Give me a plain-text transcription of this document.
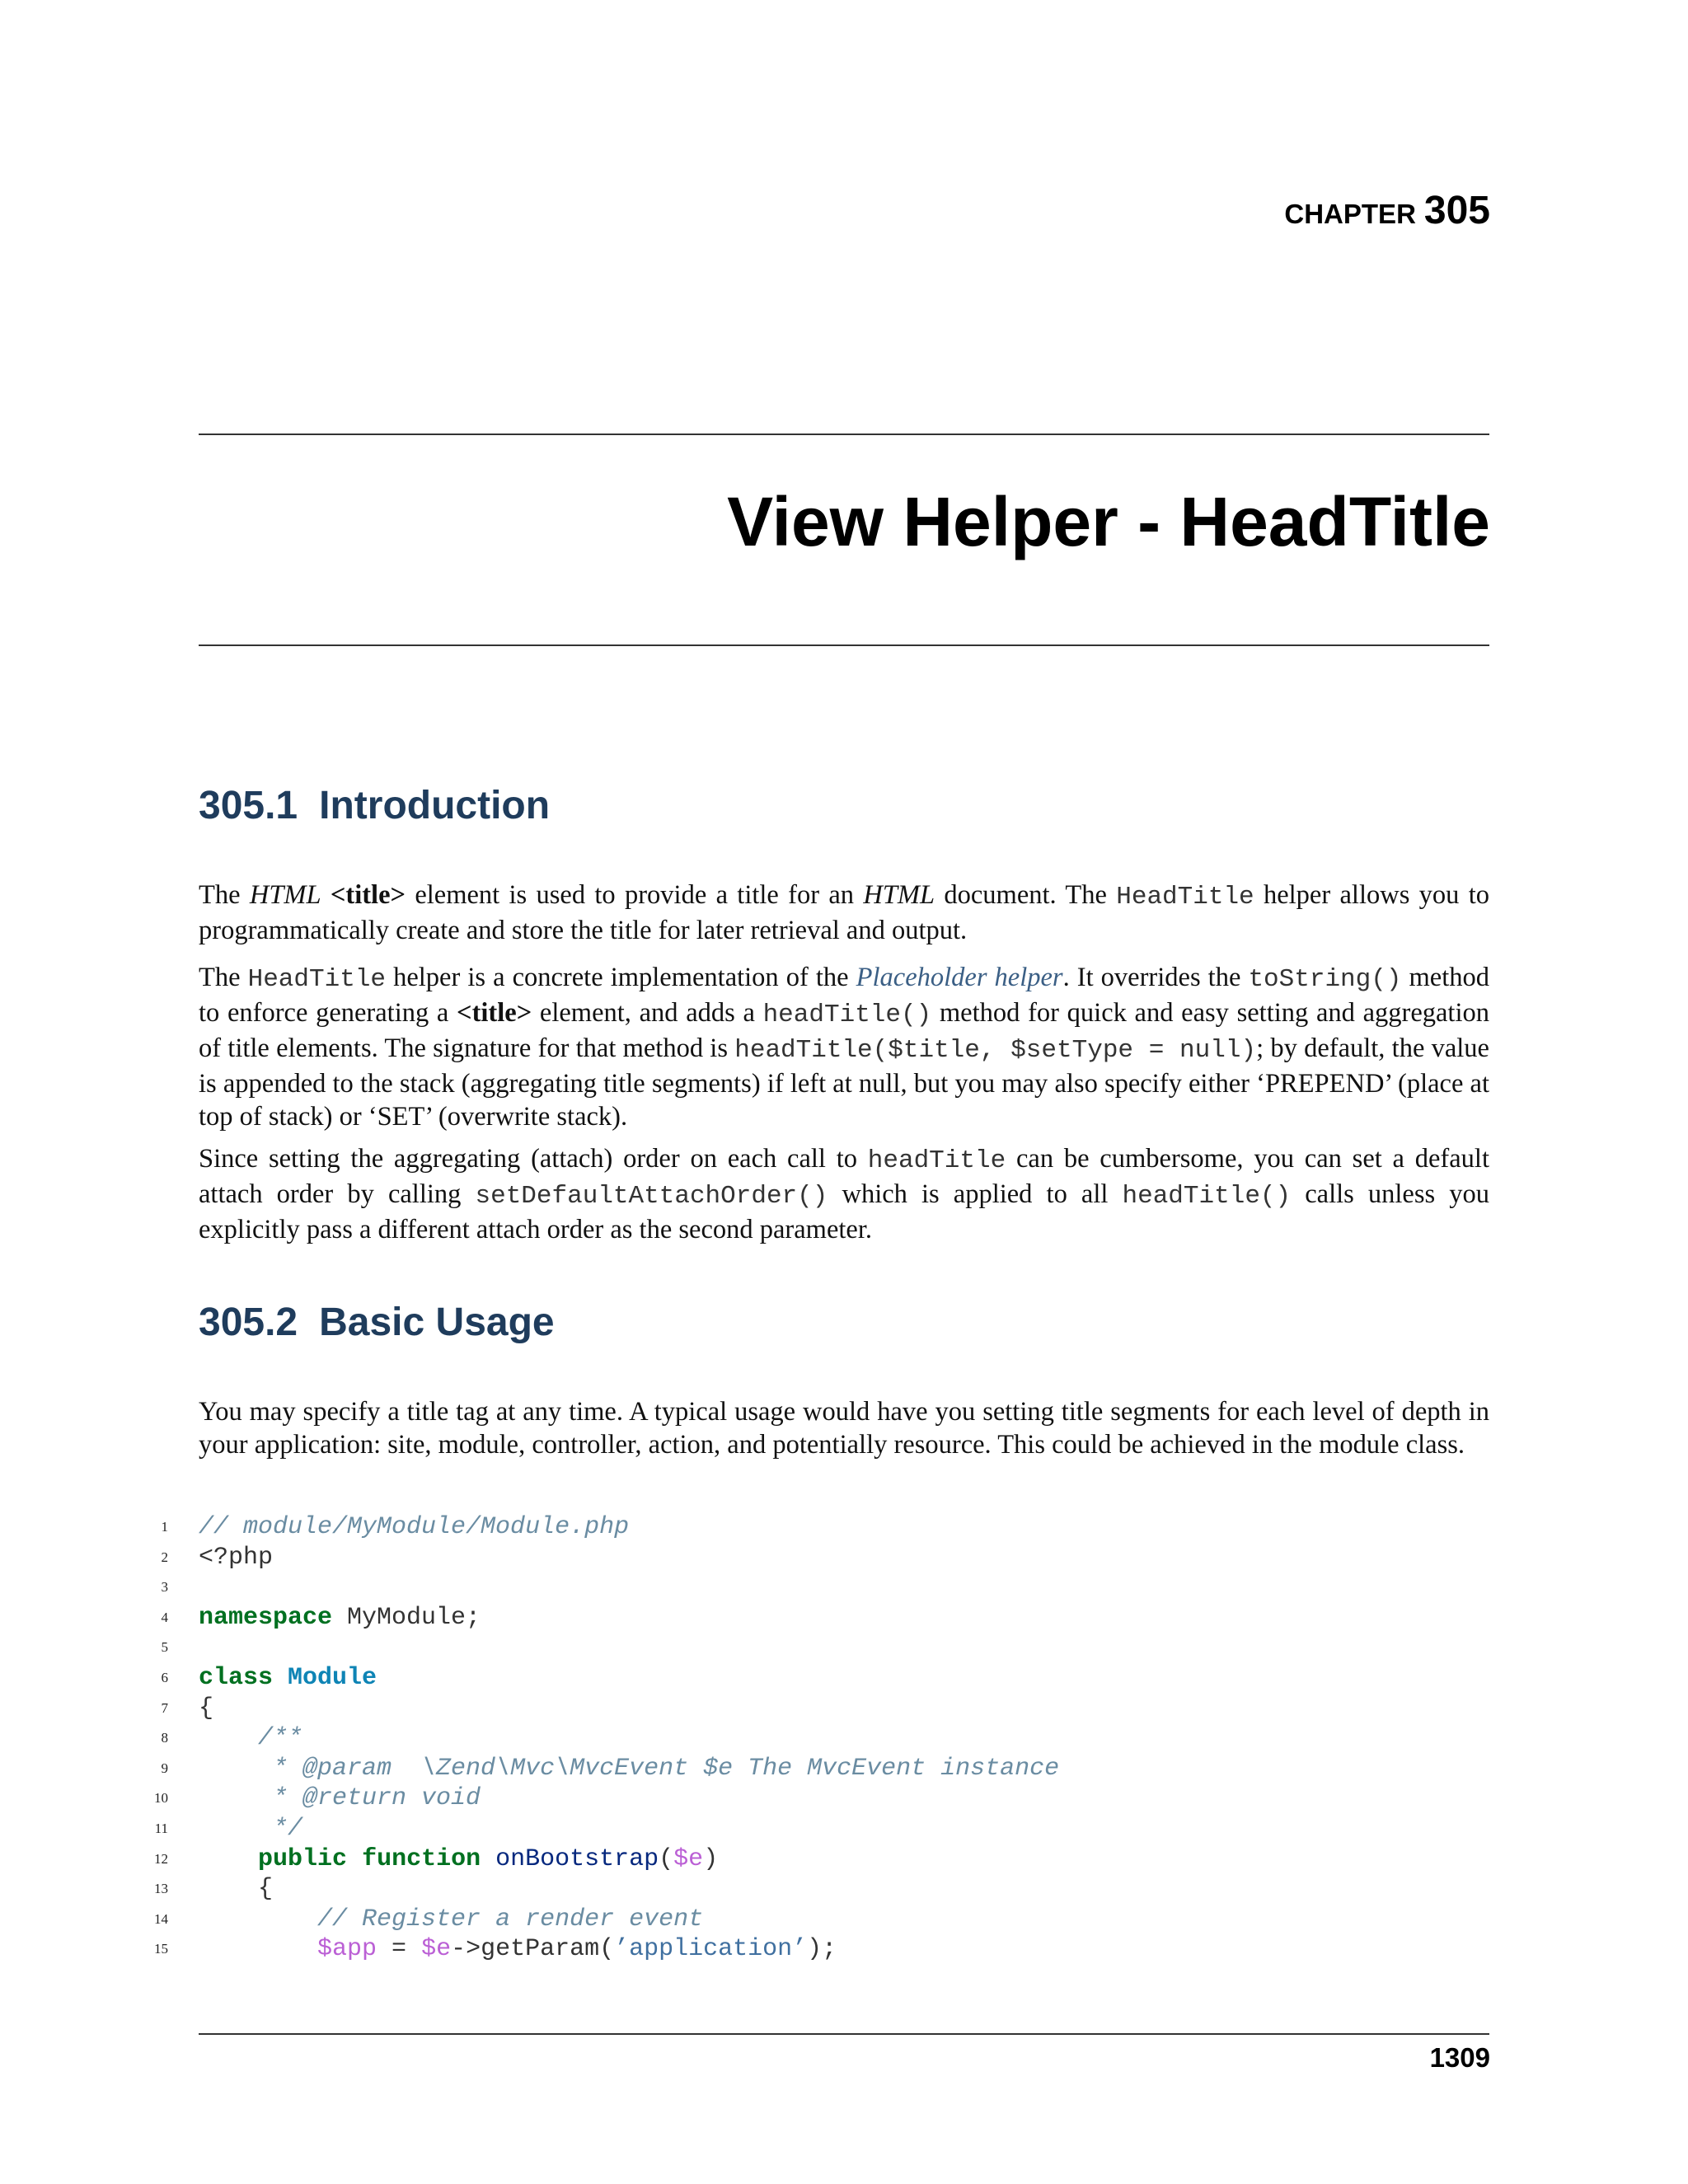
CHAPTER 305
View Helper - HeadTitle
305.1 Introduction

The HTML <title> element is used to provide a title for an HTML document. The HeadTitle helper allows you to programmatically create and store the title for later retrieval and output.

The HeadTitle helper is a concrete implementation of the Placeholder helper. It overrides the toString() method to enforce generating a <title> element, and adds a headTitle() method for quick and easy setting and aggregation of title elements. The signature for that method is headTitle($title, $setType = null); by default, the value is appended to the stack (aggregating title segments) if left at null, but you may also specify either ‘PREPEND’ (place at top of stack) or ‘SET’ (overwrite stack).

Since setting the aggregating (attach) order on each call to headTitle can be cumbersome, you can set a default attach order by calling setDefaultAttachOrder() which is applied to all headTitle() calls unless you explicitly pass a different attach order as the second parameter.

305.2 Basic Usage

You may specify a title tag at any time. A typical usage would have you setting title segments for each level of depth in your application: site, module, controller, action, and potentially resource. This could be achieved in the module class.

1 // module/MyModule/Module.php
2 <?php
3
4 namespace MyModule;
5
6 class Module
7 {
8	/**
9	* @param  \Zend\Mvc\MvcEvent $e The MvcEvent instance
10	* @return void
11	*/
12	public function onBootstrap($e)
13	{
14	// Register a render event
15	$app = $e->getParam(’application’);
1309
